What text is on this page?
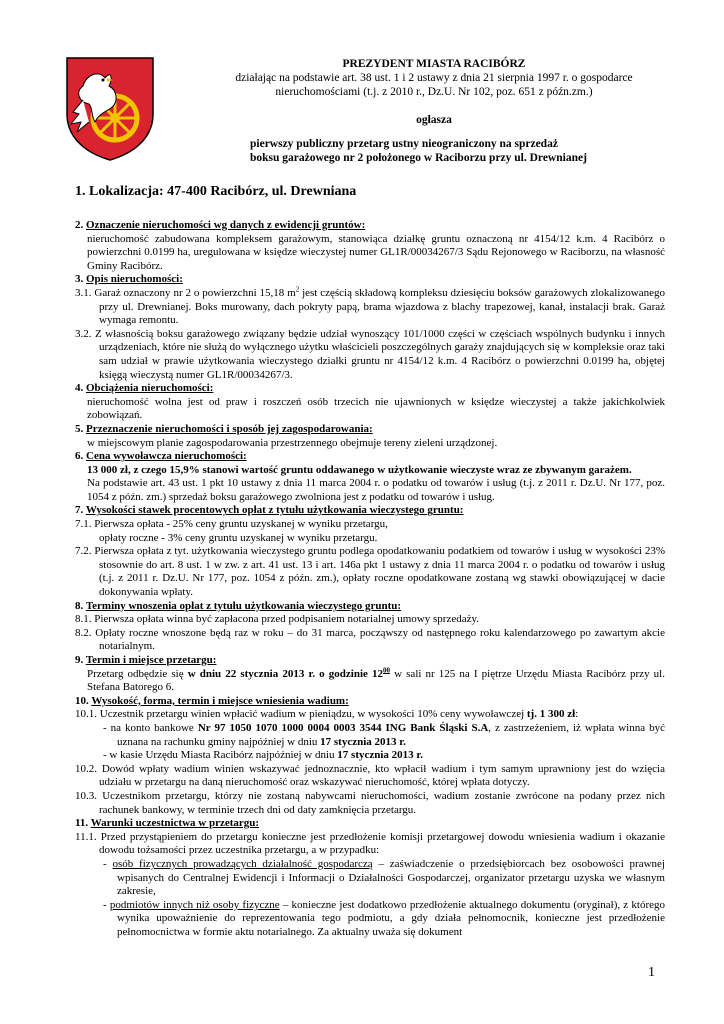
PREZYDENT MIASTA RACIBÓRZ
działając na podstawie art. 38 ust. 1 i 2 ustawy z dnia 21 sierpnia 1997 r. o gospodarce
nieruchomościami (t.j. z 2010 r., Dz.U. Nr 102, poz. 651 z późn.zm.)
ogłasza
pierwszy publiczny przetarg ustny nieograniczony na sprzedaż
boksu garażowego nr 2 położonego w Raciborzu przy ul. Drewnianej
1. Lokalizacja: 47-400 Racibórz, ul. Drewniana

2. Oznaczenie nieruchomości wg danych z ewidencji gruntów:

nieruchomość zabudowana kompleksem garażowym, stanowiąca działkę gruntu oznaczoną nr 4154/12 k.m. 4 Racibórz o powierzchni 0.0199 ha, uregulowana w księdze wieczystej numer GL1R/00034267/3 Sądu Rejonowego w Raciborzu, na własność Gminy Racibórz.

3. Opis nieruchomości:

3.1. Garaż oznaczony nr 2 o powierzchni 15,18 $m^2$ jest częścią składową kompleksu dziesięciu boksów garażowych zlokalizowanego przy ul. Drewnianej. Boks murowany, dach pokryty papą, brama wjazdowa z blachy trapezowej, kanał, instalacji brak. Garaż wymaga remontu.

3.2. Z własnością boksu garażowego związany będzie udział wynoszący 101/1000 części w częściach wspólnych budynku i innych urządzeniach, które nie służą do wyłącznego użytku właścicieli poszczególnych garaży znajdujących się w kompleksie oraz taki sam udział w prawie użytkowania wieczystego działki gruntu nr 4154/12 k.m. 4 Racibórz o powierzchni 0.0199 ha, objętej księgą wieczystą numer GL1R/00034267/3.

4. Obciążenia nieruchomości:

nieruchomość wolna jest od praw i roszczeń osób trzecich nie ujawnionych w księdze wieczystej a także jakichkolwiek zobowiązań.

5. Przeznaczenie nieruchomości i sposób jej zagospodarowania:

w miejscowym planie zagospodarowania przestrzennego obejmuje tereny zieleni urządzonej.

6. Cena wywoławcza nieruchomości:

13 000 zł, z czego 15,9% stanowi wartość gruntu oddawanego w użytkowanie wieczyste wraz ze zbywanym garażem.

Na podstawie art. 43 ust. 1 pkt 10 ustawy z dnia 11 marca 2004 r. o podatku od towarów i usług (t.j. z 2011 r. Dz.U. Nr 177, poz. 1054 z późn. zm.) sprzedaż boksu garażowego zwolniona jest z podatku od towarów i usług.

7. Wysokości stawek procentowych opłat z tytułu użytkowania wieczystego gruntu:

7.1. Pierwsza opłata - 25% ceny gruntu uzyskanej w wyniku przetargu,

opłaty roczne - 3% ceny gruntu uzyskanej w wyniku przetargu.

7.2. Pierwsza opłata z tyt. użytkowania wieczystego gruntu podlega opodatkowaniu podatkiem od towarów i usług w wysokości 23% stosownie do art. 8 ust. 1 w zw. z art. 41 ust. 13 i art. 146a pkt 1 ustawy z dnia 11 marca 2004 r. o podatku od towarów i usług (t.j. z 2011 r. Dz.U. Nr 177, poz. 1054 z późn. zm.), opłaty roczne opodatkowane zostaną wg stawki obowiązującej w dacie dokonywania wpłaty.

8. Terminy wnoszenia opłat z tytułu użytkowania wieczystego gruntu:

8.1. Pierwsza opłata winna być zapłacona przed podpisaniem notarialnej umowy sprzedaży.

8.2. Opłaty roczne wnoszone będą raz w roku – do 31 marca, począwszy od następnego roku kalendarzowego po zawartym akcie notarialnym.

9. Termin i miejsce przetargu:

Przetarg odbędzie się w dniu 22 stycznia 2013 r. o godzinie $12^{00}$ w sali nr 125 na I piętrze Urzędu Miasta Racibórz przy ul. Stefana Batorego 6.

10. Wysokość, forma, termin i miejsce wniesienia wadium:

10.1. Uczestnik przetargu winien wpłacić wadium w pieniądzu, w wysokości 10% ceny wywoławczej tj. 1 300 zł:

- na konto bankowe Nr 97 1050 1070 1000 0004 0003 3544 ING Bank Śląski S.A, z zastrzeżeniem, iż wpłata winna być uznana na rachunku gminy najpóźniej w dniu 17 stycznia 2013 r.

- w kasie Urzędu Miasta Racibórz najpóźniej w dniu 17 stycznia 2013 r.

10.2. Dowód wpłaty wadium winien wskazywać jednoznacznie, kto wpłacił wadium i tym samym uprawniony jest do wzięcia udziału w przetargu na daną nieruchomość oraz wskazywać nieruchomość, której wpłata dotyczy.

10.3. Uczestnikom przetargu, którzy nie zostaną nabywcami nieruchomości, wadium zostanie zwrócone na podany przez nich rachunek bankowy, w terminie trzech dni od daty zamknięcia przetargu.

11. Warunki uczestnictwa w przetargu:

11.1. Przed przystąpieniem do przetargu konieczne jest przedłożenie komisji przetargowej dowodu wniesienia wadium i okazanie dowodu tożsamości przez uczestnika przetargu, a w przypadku:

- osób fizycznych prowadzących działalność gospodarczą – zaświadczenie o przedsiębiorcach bez osobowości prawnej wpisanych do Centralnej Ewidencji i Informacji o Działalności Gospodarczej, organizator przetargu uzyska we własnym zakresie,

- podmiotów innych niż osoby fizyczne – konieczne jest dodatkowo przedłożenie aktualnego dokumentu (oryginał), z którego wynika upoważnienie do reprezentowania tego podmiotu, a gdy działa pełnomocnik, konieczne jest przedłożenie pełnomocnictwa w formie aktu notarialnego. Za aktualny uważa się dokument

1
